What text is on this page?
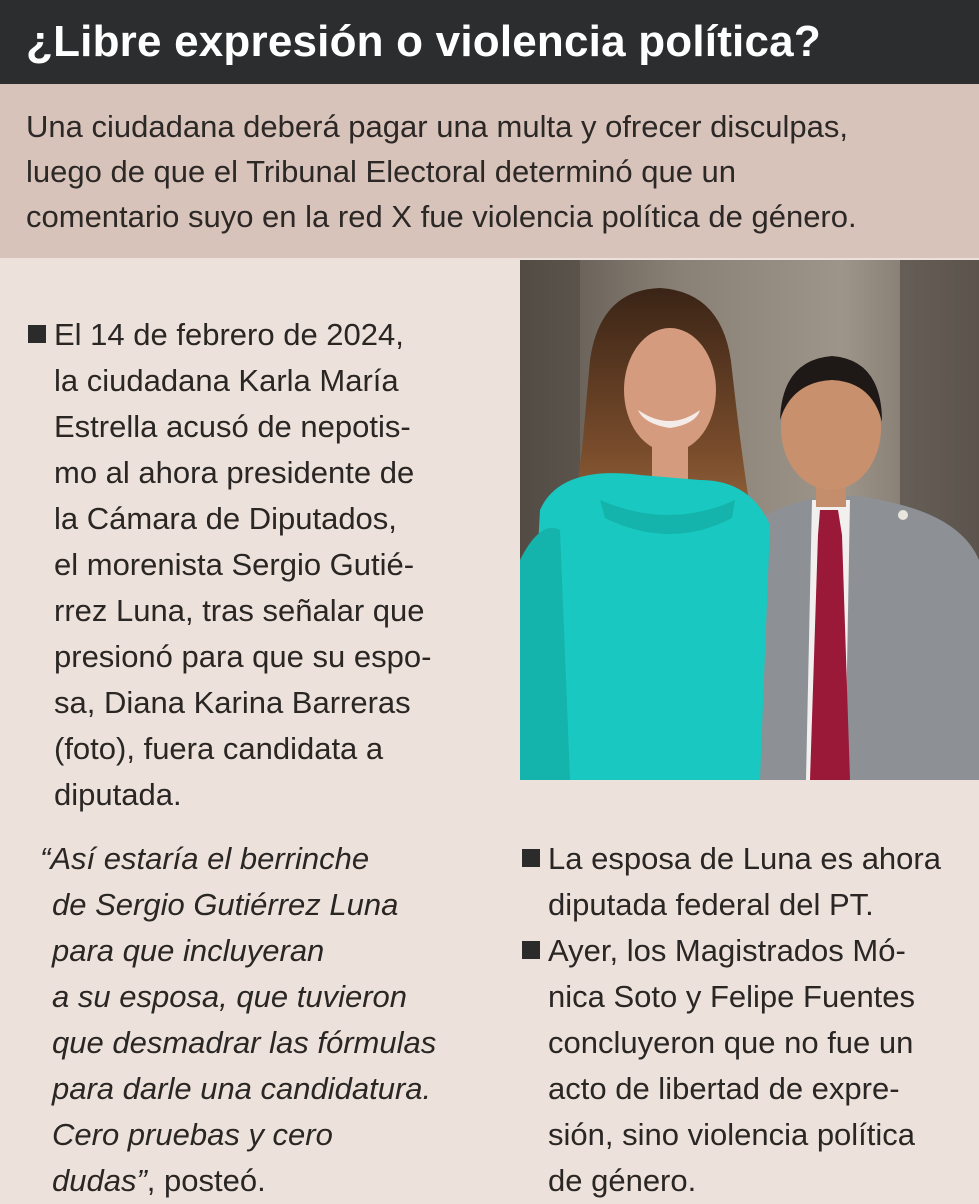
¿Libre expresión o violencia política?
Una ciudadana deberá pagar una multa y ofrecer disculpas,
luego de que el Tribunal Electoral determinó que un
comentario suyo en la red X fue violencia política de género.
El 14 de febrero de 2024,
la ciudadana Karla María
Estrella acusó de nepotis-
mo al ahora presidente de
la Cámara de Diputados,
el morenista Sergio Gutié-
rrez Luna, tras señalar que
presionó para que su espo-
sa, Diana Karina Barreras
(foto), fuera candidata a
diputada.
“Así estaría el berrinche
de Sergio Gutiérrez Luna
para que incluyeran
a su esposa, que tuvieron
que desmadrar las fórmulas
para darle una candidatura.
Cero pruebas y cero
dudas”, posteó.
La esposa de Luna es ahora
diputada federal del PT.
Ayer, los Magistrados Mó-
nica Soto y Felipe Fuentes
concluyeron que no fue un
acto de libertad de expre-
sión, sino violencia política
de género.
